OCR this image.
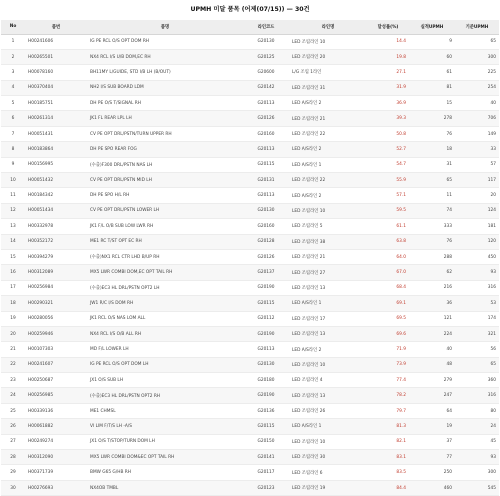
UPMH 미달 품목 (어제(07/15)) — 30건
No	품번	품명	라인코드	라인명	달성률(%)	실적UPMH	기준UPMH
1	H00241606	IG PE RCL O/S OPT DOM RH	G20130	LED 조립라인 10	14.4	9	65
2	H00265501	NX4 RCL I/S U/B DOM,EC RH	G20125	LED 조립라인 20	19.8	60	300
3	H00078160	BH11MY L/GUIDE, STD I/B LH (B/OUT)	G20600	L/G 조립 1라인	27.1	61	225
4	H00370404	NH2 I/S SUB BOARD LDM	G20142	LED 조립라인 31	31.9	81	254
5	H00185751	DH PE O/S T/SIGNAL RH	G20113	LED A/S라인 2	36.9	15	40
6	H00261314	JK1 FL REAR LPL LH	G20126	LED 조립라인 21	39.3	278	706
7	H00051431	CV PE OPT DRL/PSTN/TURN UPPER RH	G20160	LED 조립라인 22	50.8	76	149
8	H00183864	DH PE SPO REAR FOG	G20113	LED A/S라인 2	52.7	18	33
9	H00156995	(수출)F300 DRL/PSTN NAS LH	G20115	LED A/S라인 1	54.7	31	57
10	H00051432	CV PE OPT DRL/PSTN MID LH	G20131	LED 조립라인 22	55.9	65	117
11	H00184342	DH PE SPO H/L RH	G20113	LED A/S라인 2	57.1	11	20
12	H00051434	CV PE OPT DRL/PSTN LOWER LH	G20130	LED 조립라인 10	59.5	74	124
13	H00332978	JK1 F/L O/B SUB LOW LWR RH	G20160	LED 조립라인 5	61.1	333	181
14	H00352172	ME1 RC T/ST OPT EC RH	G20128	LED 조립라인 38	63.8	76	120
15	H00394279	(수출)NX1 RCL CTR LHD B/UP RH	G20126	LED 조립라인 21	64.0	288	450
16	H00312089	MX5 LWR COMBI DOM,EC OPT TAIL RH	G20137	LED 조립라인 27	67.0	62	93
17	H00256984	(수출)EC3 HL DRL/PSTN OPT2 LH	G20190	LED 조립라인 13	68.4	216	316
18	H00290321	JW1 R/C I/S DOM RH	G20115	LED A/S라인 1	69.1	36	53
19	H00280056	JK1 RCL O/S NAS LOM ALL	G20112	LED 조립라인 17	69.5	121	174
20	H00259946	NX4 RCL I/S O/B ALL RH	G20190	LED 조립라인 13	69.6	224	321
21	H00107303	MD F/L LOWER LH	G20113	LED A/S라인 2	71.9	40	56
22	H00241607	IG PE RCL O/S OPT DOM LH	G20130	LED 조립라인 10	73.9	48	65
23	H00250687	JX1 O/S SUB LH	G20180	LED 조립라인 4	77.4	279	360
24	H00256985	(수출)EC3 HL DRL/PSTN OPT2 RH	G20190	LED 조립라인 13	78.2	247	316
25	H00339136	ME1 CHMSL	G20136	LED 조립라인 26	79.7	64	80
26	H00061882	VI LIM F/T/S LH -A/S	G20115	LED A/S라인 1	81.3	19	24
27	H00249274	JX1 O/S T/STOP/TURN DOM LH	G20150	LED 조립라인 10	82.1	37	45
28	H00312090	MX5 LWR COMBI DOM&EC OPT TAIL RH	G20141	LED 조립라인 30	83.1	77	93
29	H00371739	BMW G65 G/HB RH	G20117	LED 조립라인 6	83.5	250	300
30	H00276693	NX4OB TMBL	G20123	LED 조립라인 19	84.4	460	545
